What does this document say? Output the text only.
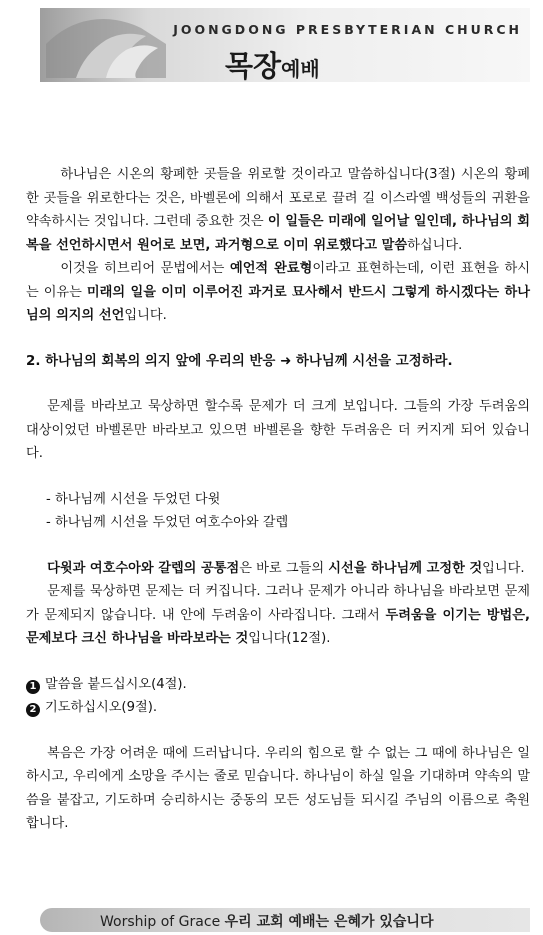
JOONGDONG PRESBYTERIAN CHURCH
목장예배

하나님은 시온의 황폐한 곳들을 위로할 것이라고 말씀하십니다(3절) 시온의 황폐한 곳들을 위로한다는 것은, 바벨론에 의해서 포로로 끌려 길 이스라엘 백성들의 귀환을 약속하시는 것입니다. 그런데 중요한 것은 이 일들은 미래에 일어날 일인데, 하나님의 회복을 선언하시면서 원어로 보면, 과거형으로 이미 위로했다고 말씀하십니다.

이것을 히브리어 문법에서는 예언적 완료형이라고 표현하는데, 이런 표현을 하시는 이유는 미래의 일을 이미 이루어진 과거로 묘사해서 반드시 그렇게 하시겠다는 하나님의 의지의 선언입니다.

2. 하나님의 회복의 의지 앞에 우리의 반응 ➜ 하나님께 시선을 고정하라.

문제를 바라보고 묵상하면 할수록 문제가 더 크게 보입니다. 그들의 가장 두려움의 대상이었던 바벨론만 바라보고 있으면 바벨론을 향한 두려움은 더 커지게 되어 있습니다.

- 하나님께 시선을 두었던 다윗

- 하나님께 시선을 두었던 여호수아와 갈렙

다윗과 여호수아와 갈렙의 공통점은 바로 그들의 시선을 하나님께 고정한 것입니다.

문제를 묵상하면 문제는 더 커집니다. 그러나 문제가 아니라 하나님을 바라보면 문제가 문제되지 않습니다. 내 안에 두려움이 사라집니다. 그래서 두려움을 이기는 방법은, 문제보다 크신 하나님을 바라보라는 것입니다(12절).

1 말씀을 붙드십시오(4절).

2 기도하십시오(9절).

복음은 가장 어려운 때에 드러납니다. 우리의 힘으로 할 수 없는 그 때에 하나님은 일하시고, 우리에게 소망을 주시는 줄로 믿습니다. 하나님이 하실 일을 기대하며 약속의 말씀을 붙잡고, 기도하며 승리하시는 중동의 모든 성도님들 되시길 주님의 이름으로 축원합니다.

Worship of Grace 우리 교회 예배는 은혜가 있습니다
